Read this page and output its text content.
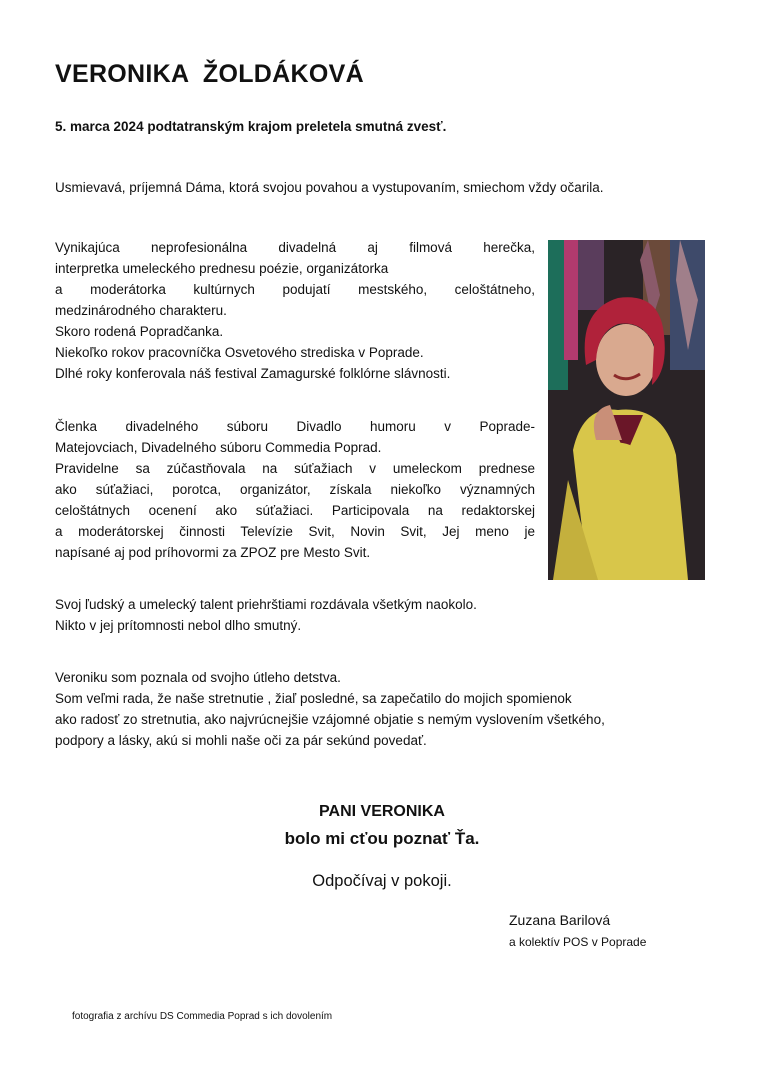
VERONIKA  ŽOLDÁKOVÁ
5. marca 2024 podtatranským krajom preletela smutná zvesť.
Usmievavá, príjemná Dáma, ktorá svojou povahou a vystupovaním, smiechom vždy očarila.
Vynikajúca neprofesionálna divadelná aj filmová herečka,
interpretka umeleckého prednesu poézie, organizátorka
a moderátorka kultúrnych podujatí mestského, celoštátneho,
medzinárodného charakteru.
Skoro rodená Popradčanka.
Niekoľko rokov pracovníčka Osvetového strediska v Poprade.
Dlhé roky konferovala náš festival Zamagurské folklórne slávnosti.
Členka divadelného súboru Divadlo humoru v Poprade-
Matejovciach, Divadelného súboru Commedia Poprad.
Pravidelne sa zúčastňovala na súťažiach v umeleckom prednese
ako súťažiaci, porotca, organizátor, získala niekoľko významných
celoštátnych ocenení ako súťažiaci. Participovala na redaktorskej
a moderátorskej činnosti Televízie Svit, Novin Svit, Jej meno je
napísané aj pod príhovormi za ZPOZ pre Mesto Svit.
Svoj ľudský a umelecký talent priehrštiami rozdávala všetkým naokolo.
Nikto v jej prítomnosti nebol dlho smutný.
Veroniku som poznala od svojho útleho detstva.
Som veľmi rada, že naše stretnutie , žiaľ posledné, sa zapečatilo do mojich spomienok
ako radosť zo stretnutia, ako najvrúcnejšie vzájomné objatie s nemým vyslovením všetkého,
podpory a lásky, akú si mohli naše oči za pár sekúnd povedať.
PANI VERONIKA
bolo mi cťou poznať Ťa.
Odpočívaj v pokoji.
Zuzana Barilová
a kolektív POS v Poprade
fotografia z archívu DS Commedia Poprad s ich dovolením
